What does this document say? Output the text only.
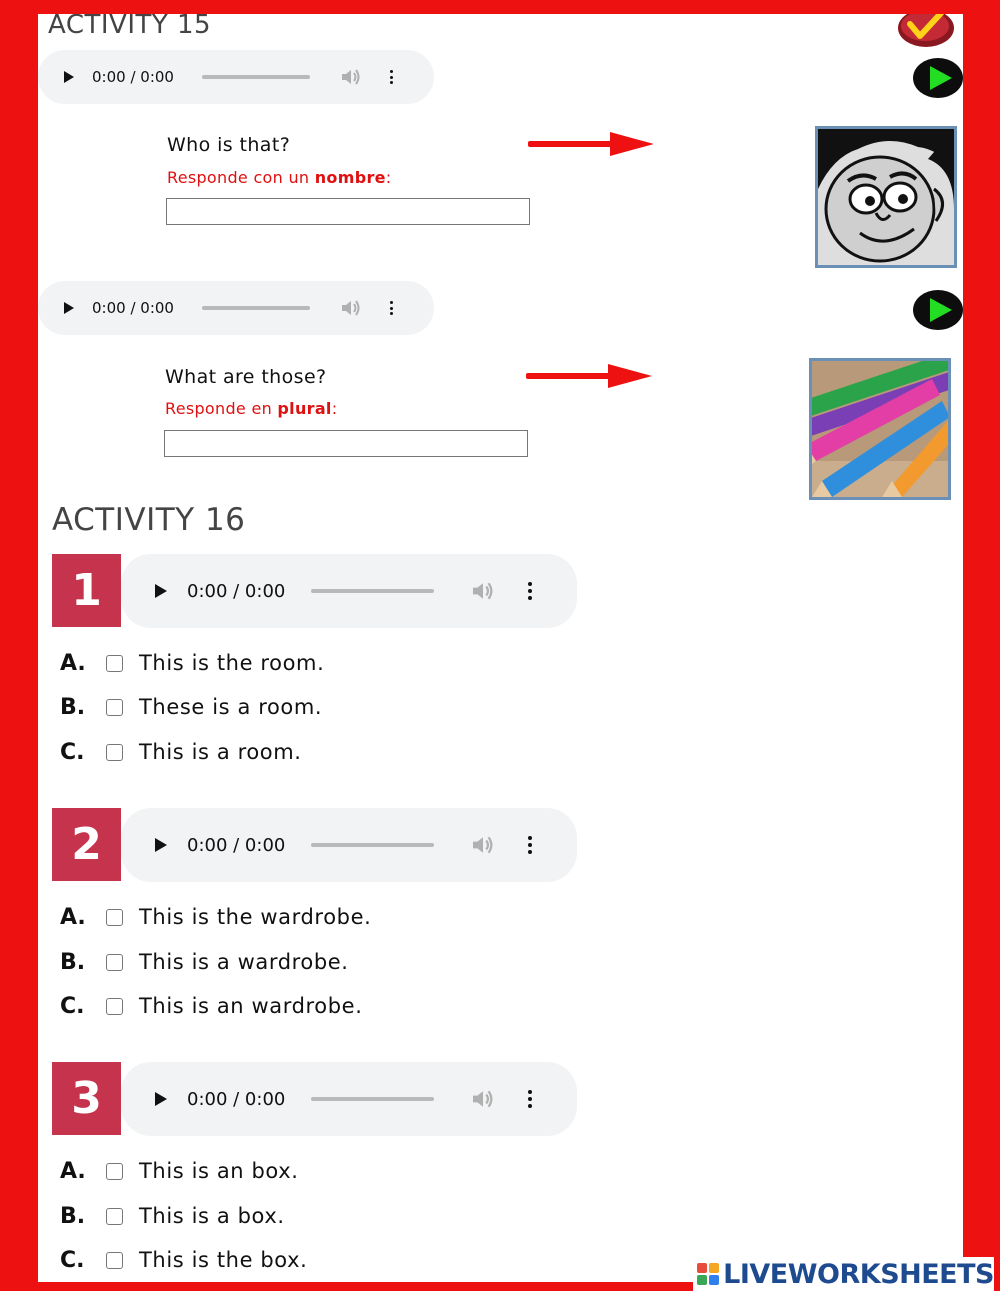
ACTIVITY 15
0:00 / 0:00
Who is that?
Responde con un nombre:
0:00 / 0:00
What are those?
Responde en plural:
ACTIVITY 16
1	0:00 / 0:00
A.	This is the room.
B.	These is a room.
C.	This is a room.
2	0:00 / 0:00
A.	This is the wardrobe.
B.	This is a wardrobe.
C.	This is an wardrobe.
3	0:00 / 0:00
A.	This is an box.
B.	This is a box.
C.	This is the box.	LIVEWORKSHEETS
